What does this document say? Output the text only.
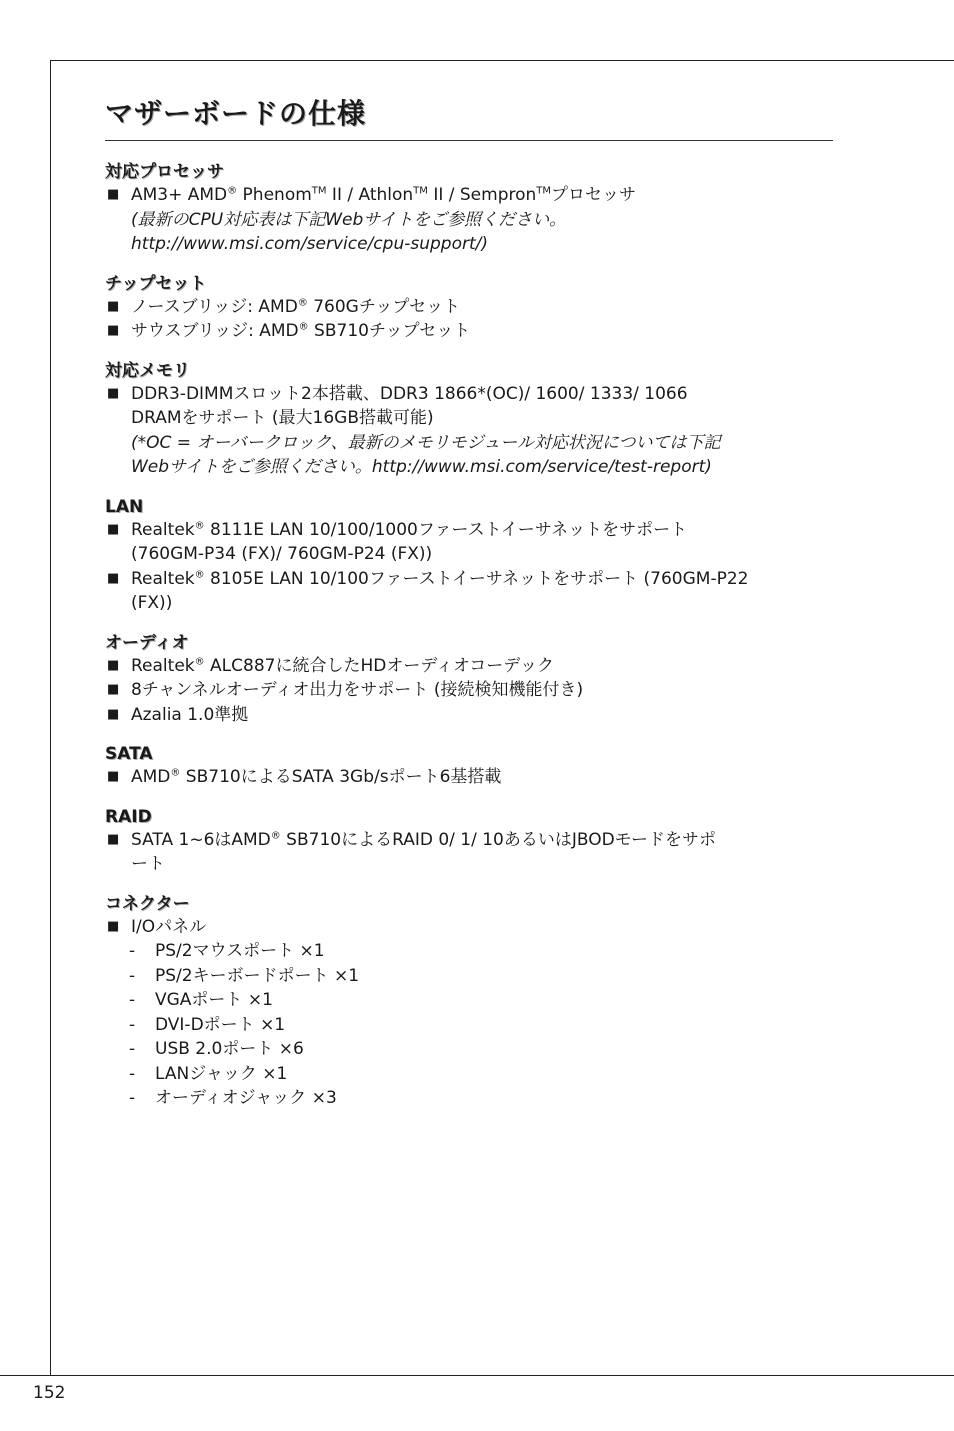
152
マザーボードの仕様
対応プロセッサ
■ AM3+ AMD® Phenom™ II / Athlon™ II / Sempron™プロセッサ
(最新のCPU対応表は下記Webサイトをご参照ください。
http://www.msi.com/service/cpu-support/)
チップセット
■ ノースブリッジ: AMD® 760Gチップセット
■ サウスブリッジ: AMD® SB710チップセット
対応メモリ
■ DDR3-DIMMスロット2本搭載、DDR3 1866*(OC)/ 1600/ 1333/ 1066
DRAMをサポート (最大16GB搭載可能)
(*OC = オーバークロック、最新のメモリモジュール対応状況については下記
Webサイトをご参照ください。http://www.msi.com/service/test-report)
LAN
■ Realtek® 8111E LAN 10/100/1000ファーストイーサネットをサポート
(760GM-P34 (FX)/ 760GM-P24 (FX))
■ Realtek® 8105E LAN 10/100ファーストイーサネットをサポート (760GM-P22
(FX))
オーディオ
■ Realtek® ALC887に統合したHDオーディオコーデック
■ 8チャンネルオーディオ出力をサポート (接続検知機能付き)
■ Azalia 1.0準拠
SATA
■ AMD® SB710によるSATA 3Gb/sポート6基搭載
RAID
■ SATA 1~6はAMD® SB710によるRAID 0/ 1/ 10あるいはJBODモードをサポ
ート
コネクター
■ I/Oパネル
- PS/2マウスポート ×1
- PS/2キーボードポート ×1
- VGAポート ×1
- DVI-Dポート ×1
- USB 2.0ポート ×6
- LANジャック ×1
- オーディオジャック ×3
